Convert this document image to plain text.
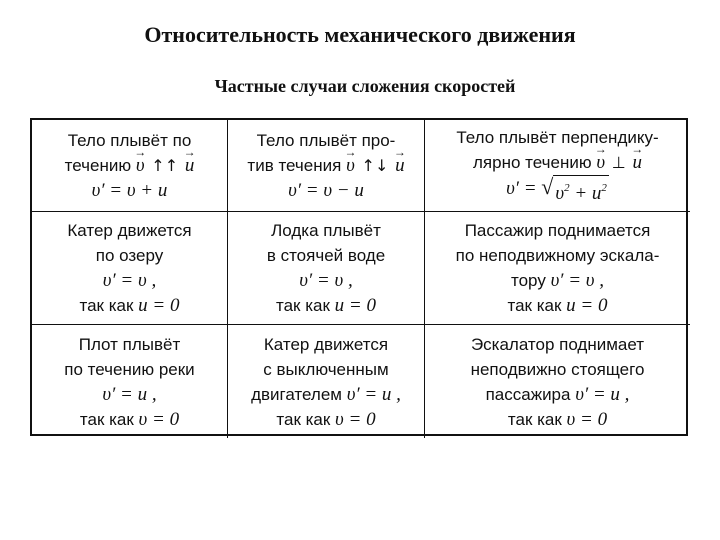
Относительность механического движения
Частные случаи сложения скоростей
Тело плывёт по
течению → υ ↑↑ → u
υ′ = υ + u
Тело плывёт про-
тив течения → υ ↑↓ → u
υ′ = υ − u
Тело плывёт перпендику-
лярно течению → υ ⊥ → u
υ′ = √ $\upsilon^2 + u^2$
Катер движется
по озеру
υ′ = υ ,
так как u = 0
Лодка плывёт
в стоячей воде
υ′ = υ ,
так как u = 0
Пассажир поднимается
по неподвижному эскала-
тору υ′ = υ ,
так как u = 0
Плот плывёт
по течению реки
υ′ = u ,
так как υ = 0
Катер движется
с выключенным
двигателем υ′ = u ,
так как υ = 0
Эскалатор поднимает
неподвижно стоящего
пассажира υ′ = u ,
так как υ = 0
